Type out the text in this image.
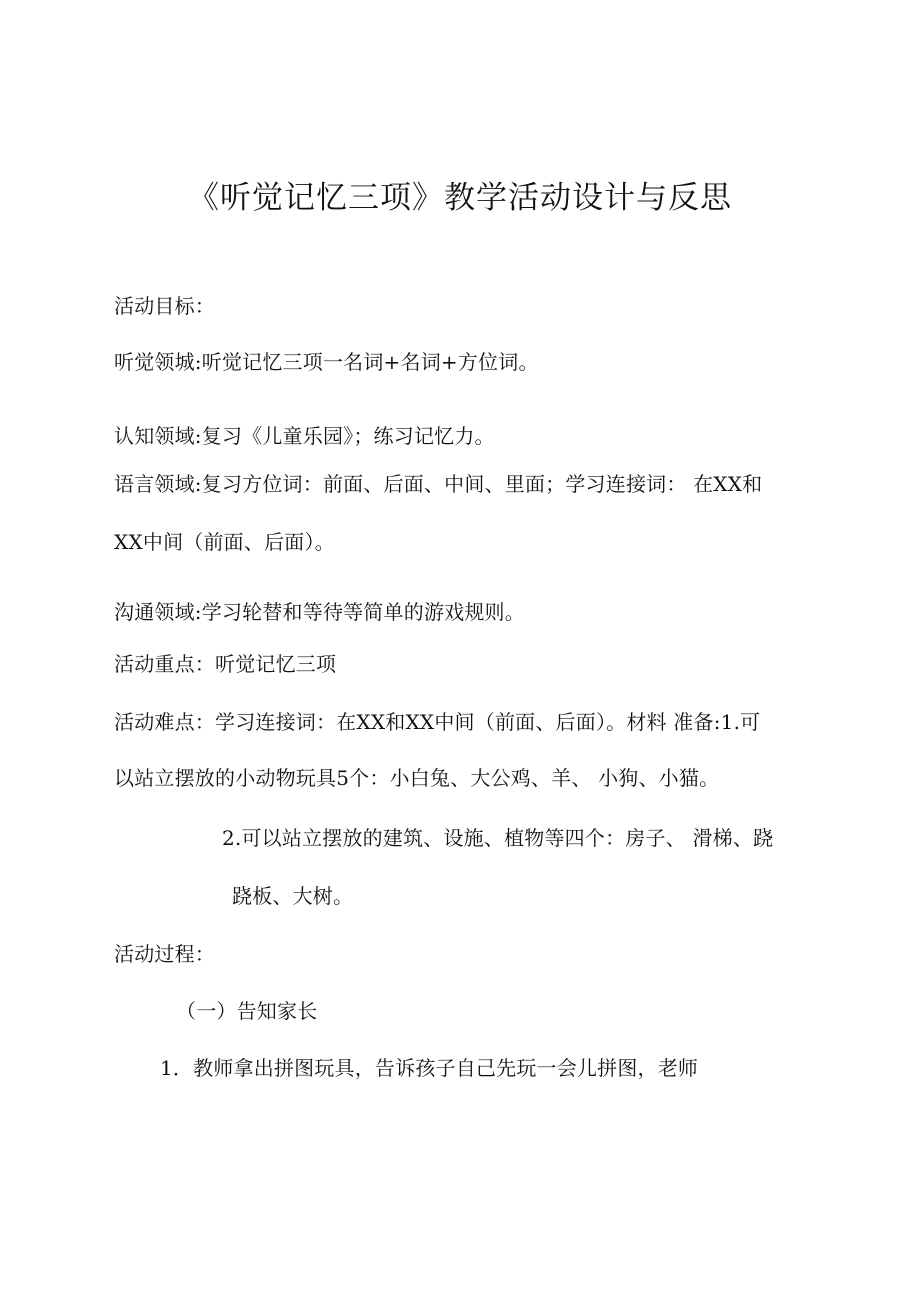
《听觉记忆三项》教学活动设计与反思
活动目标：
听觉领城:听觉记忆三项一名词+名词+方位词。
认知领域:复习《儿童乐园》；练习记忆力。
语言领域:复习方位词：前面、后面、中间、里面；学习连接词： 在XX和
XX中间（前面、后面）。
沟通领域:学习轮替和等待等简单的游戏规则。
活动重点：听觉记忆三项
活动难点：学习连接词：在XX和XX中间（前面、后面）。材料 准备:1.可
以站立摆放的小动物玩具5个：小白兔、大公鸡、羊、 小狗、小猫。
2.可以站立摆放的建筑、设施、植物等四个：房子、 滑梯、跷
跷板、大树。
活动过程：
（一）告知家长
1．教师拿出拼图玩具，告诉孩子自己先玩一会儿拼图，老师
